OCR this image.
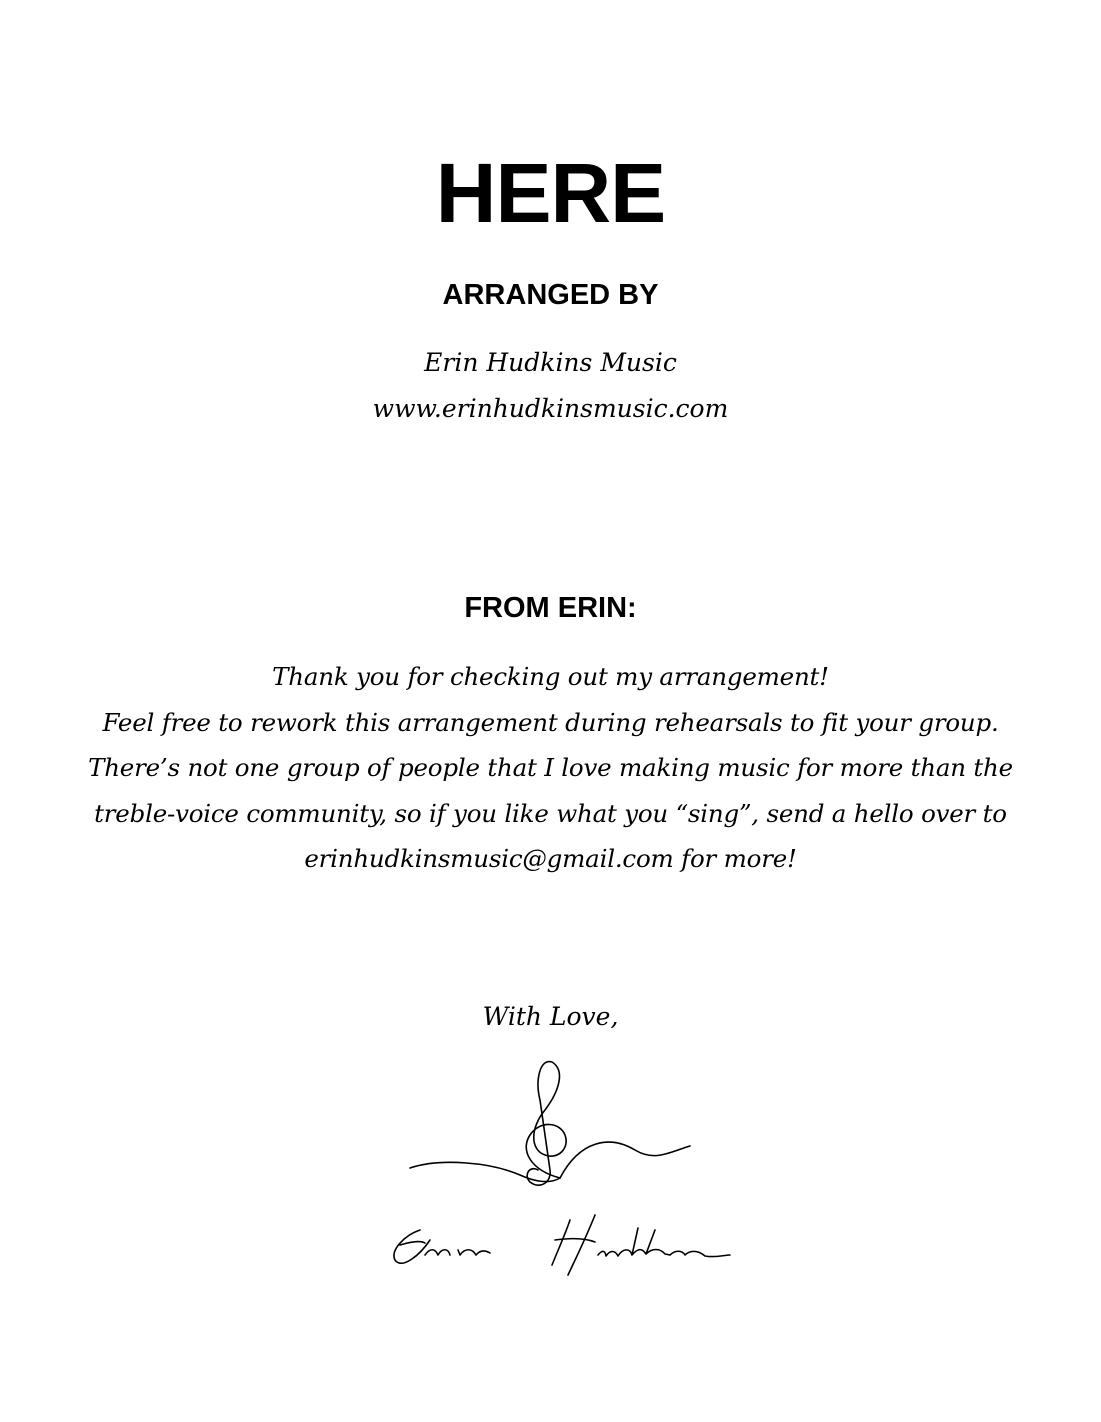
HERE
ARRANGED BY
Erin Hudkins Music
www.erinhudkinsmusic.com
FROM ERIN:
Thank you for checking out my arrangement!
Feel free to rework this arrangement during rehearsals to fit your group.
There’s not one group of people that I love making music for more than the
treble-voice community, so if you like what you “sing”, send a hello over to
erinhudkinsmusic@gmail.com for more!
With Love,
